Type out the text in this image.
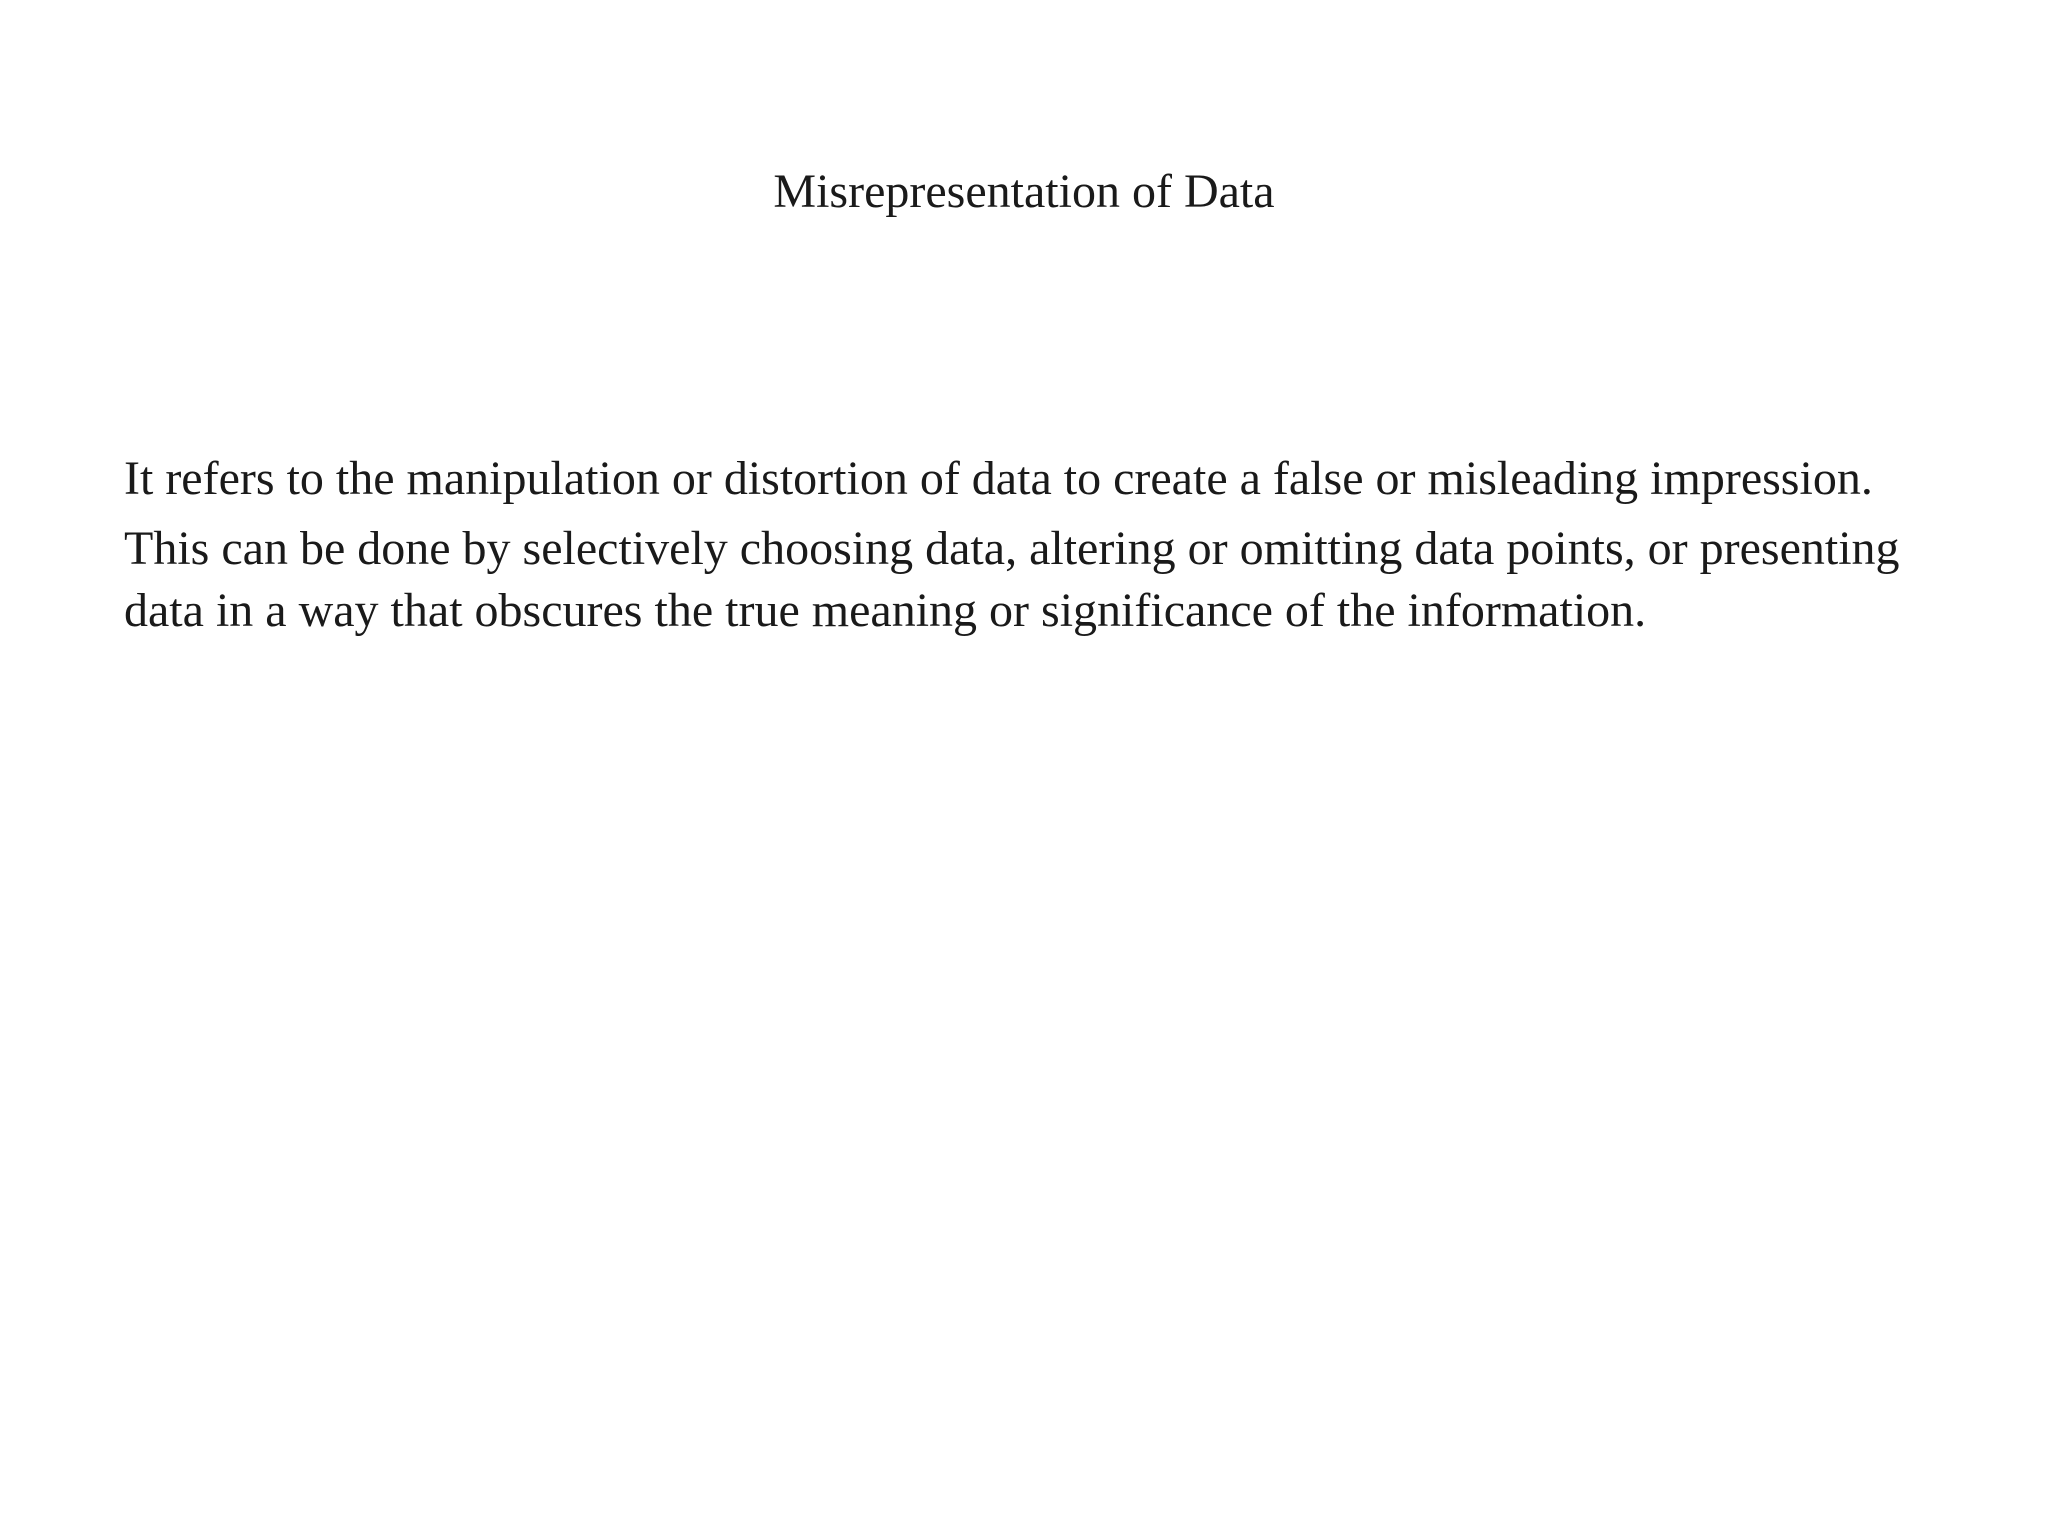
Misrepresentation of Data

It refers to the manipulation or distortion of data to create a false or misleading impression.

This can be done by selectively choosing data, altering or omitting data points, or presenting data in a way that obscures the true meaning or significance of the information.
